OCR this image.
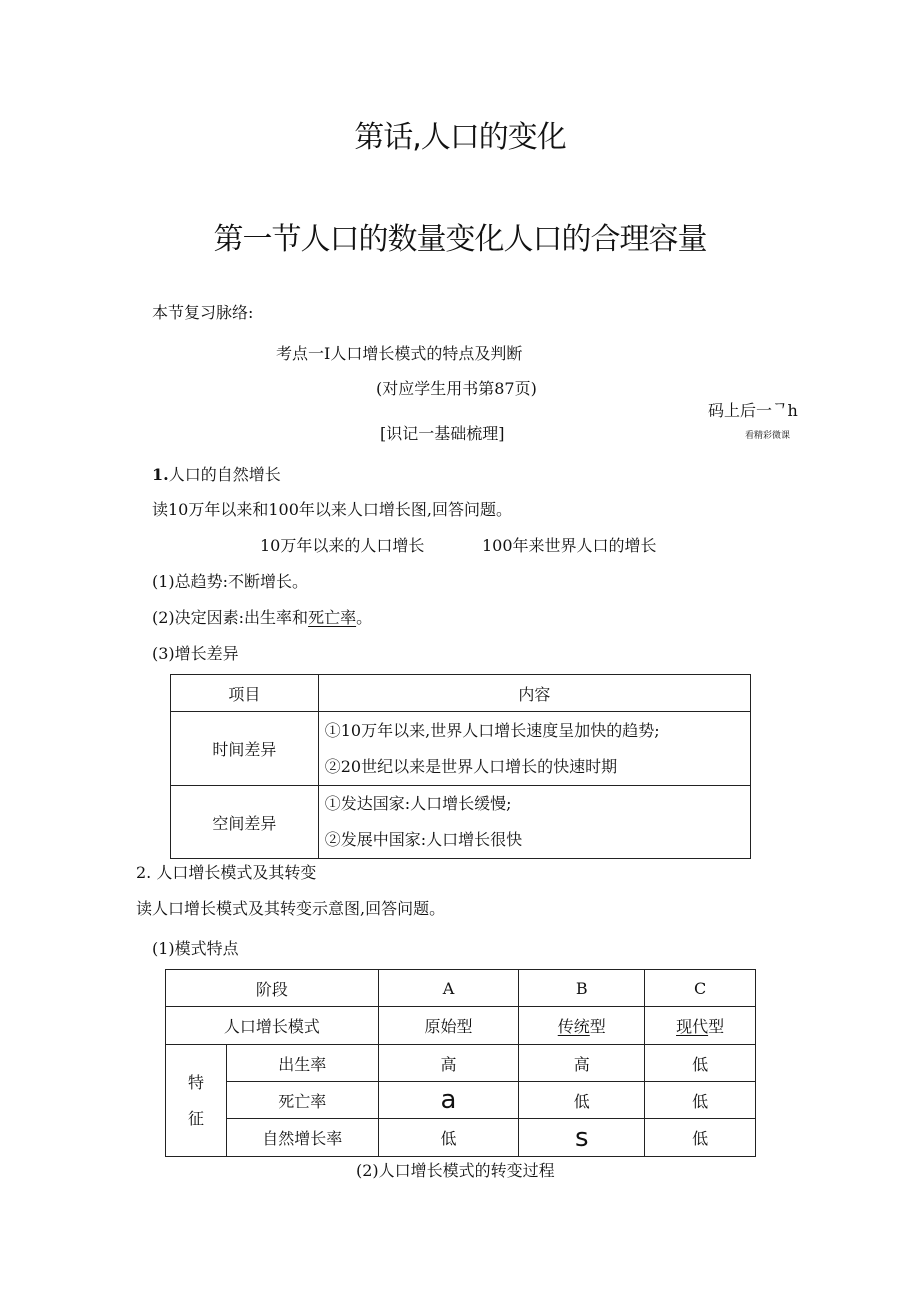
第话,人口的变化
第一节人口的数量变化人口的合理容量
本节复习脉络:
考点一I人口增长模式的特点及判断
(对应学生用书第87页)
码上后一ᄀh
看精彩微课
[识记一基础梳理]
1.人口的自然增长
读10万年以来和100年以来人口增长图,回答问题。
10万年以来的人口增长	100年来世界人口的增长
(1)总趋势:不断增长。
(2)决定因素:出生率和死亡率。
(3)增长差异
项目	内容
时间差异	①10万年以来,世界人口增长速度呈加快的趋势;
②20世纪以来是世界人口增长的快速时期

空间差异	①发达国家:人口增长缓慢;
②发展中国家:人口增长很快
2. 人口增长模式及其转变
读人口增长模式及其转变示意图,回答问题。
(1)模式特点
阶段		A	B	C
人口增长模式		原始型	传统型	现代型

特
征	出生率	高	高	低
	死亡率	a	低	低
	自然增长率	低	s	低
(2)人口增长模式的转变过程
